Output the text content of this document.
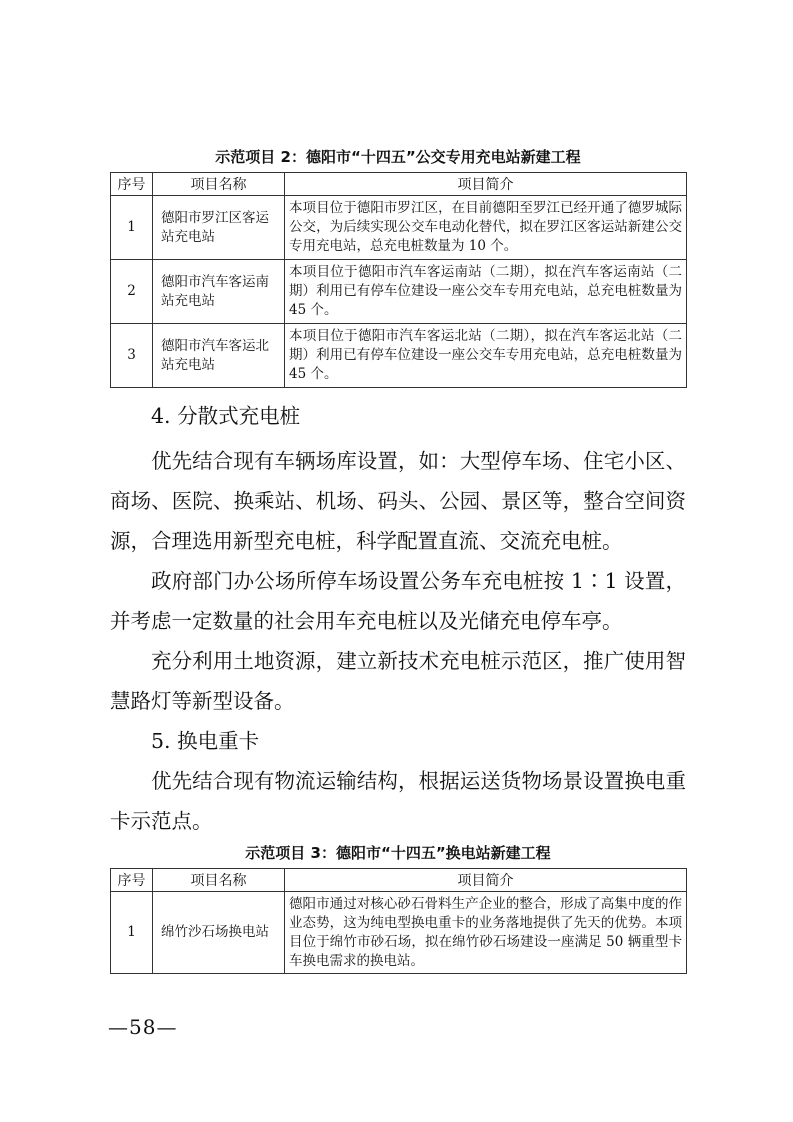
示范项目 2：德阳市“十四五”公交专用充电站新建工程
序号	项目名称	项目简介
1	德阳市罗江区客运站充电站	本项目位于德阳市罗江区，在目前德阳至罗江已经开通了德罗城际公交，为后续实现公交车电动化替代，拟在罗江区客运站新建公交专用充电站，总充电桩数量为 10 个。
2	德阳市汽车客运南站充电站	本项目位于德阳市汽车客运南站（二期），拟在汽车客运南站（二期）利用已有停车位建设一座公交车专用充电站，总充电桩数量为 45 个。
3	德阳市汽车客运北站充电站	本项目位于德阳市汽车客运北站（二期），拟在汽车客运北站（二期）利用已有停车位建设一座公交车专用充电站，总充电桩数量为 45 个。

4. 分散式充电桩

优先结合现有车辆场库设置，如：大型停车场、住宅小区、商场、医院、换乘站、机场、码头、公园、景区等，整合空间资源，合理选用新型充电桩，科学配置直流、交流充电桩。

政府部门办公场所停车场设置公务车充电桩按 1∶1 设置，并考虑一定数量的社会用车充电桩以及光储充电停车亭。

充分利用土地资源，建立新技术充电桩示范区，推广使用智慧路灯等新型设备。

5. 换电重卡

优先结合现有物流运输结构，根据运送货物场景设置换电重卡示范点。

示范项目 3：德阳市“十四五”换电站新建工程
序号	项目名称	项目简介
1	绵竹沙石场换电站	德阳市通过对核心砂石骨料生产企业的整合，形成了高集中度的作业态势，这为纯电型换电重卡的业务落地提供了先天的优势。本项目位于绵竹市砂石场，拟在绵竹砂石场建设一座满足 50 辆重型卡车换电需求的换电站。
—58—
